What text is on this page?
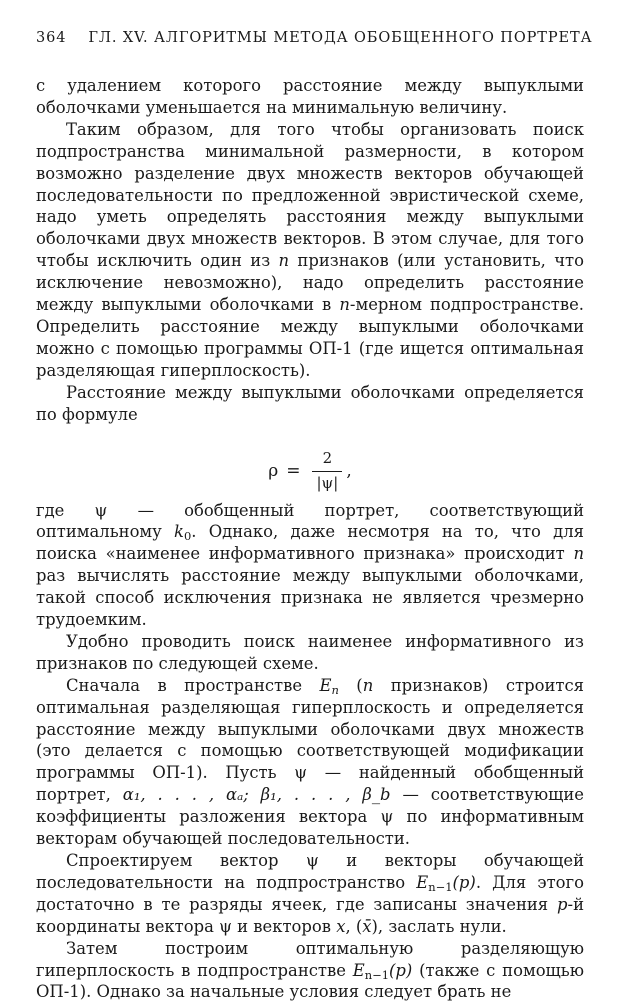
364 ГЛ. XV. АЛГОРИТМЫ МЕТОДА ОБОБЩЕННОГО ПОРТРЕТА

с удалением которого расстояние между выпуклыми оболочками уменьшается на минимальную величину.

Таким образом, для того чтобы организовать поиск подпространства минимальной размерности, в котором возможно разделение двух множеств векторов обучающей последовательности по предложенной эвристической схеме, надо уметь определять расстояния между выпуклыми оболочками двух множеств векторов. В этом случае, для того чтобы исключить один из n признаков (или установить, что исключение невозможно), надо определить расстояние между выпуклыми оболочками в n-мерном подпространстве. Определить расстояние между выпуклыми оболочками можно с помощью программы ОП-1 (где ищется оптимальная разделяющая гиперплоскость).

Расстояние между выпуклыми оболочками определяется по формуле

$\rho = \frac{2}{|\psi|}$ ,

где ψ — обобщенный портрет, соответствующий оптимальному $k_0$. Однако, даже несмотря на то, что для поиска «наименее информативного признака» происходит n раз вычислять расстояние между выпуклыми оболочками, такой способ исключения признака не является чрезмерно трудоемким.

Удобно проводить поиск наименее информативного из признаков по следующей схеме.

Сначала в пространстве $E_n$ (n признаков) строится оптимальная разделяющая гиперплоскость и определяется расстояние между выпуклыми оболочками двух множеств (это делается с помощью соответствующей модификации программы ОП-1). Пусть ψ — найденный обобщенный портрет, α₁, . . . , αₐ; β₁, . . . , β_b — соответствующие коэффициенты разложения вектора ψ по информативным векторам обучающей последовательности.

Спроектируем вектор ψ и векторы обучающей последовательности на подпространство $E_{n-1}(p)$. Для этого достаточно в те разряды ячеек, где записаны значения p-й координаты вектора ψ и векторов x, (x̄), заслать нули.

Затем построим оптимальную разделяющую гиперплоскость в подпространстве $E_{n-1}(p)$ (также с помощью ОП-1). Однако за начальные условия следует брать не
